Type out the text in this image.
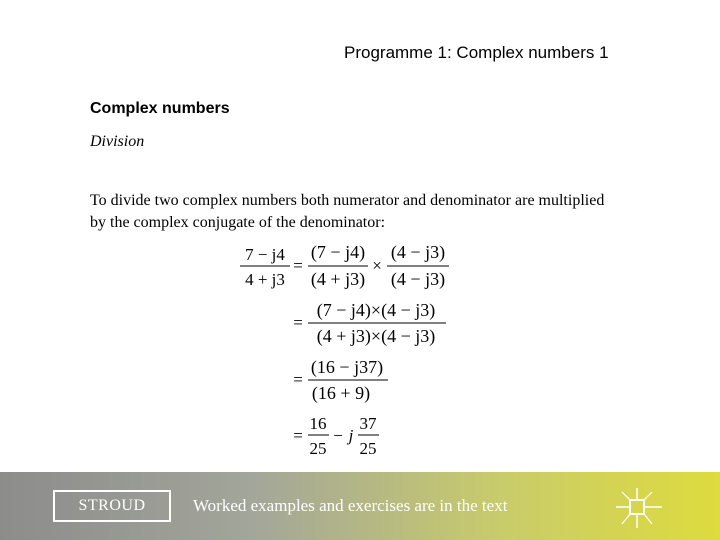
Programme 1: Complex numbers 1
Complex numbers
Division
To divide two complex numbers both numerator and denominator are multiplied by the complex conjugate of the denominator:
7 − j4
4 + j3
=
(7 − j4)
(4 + j3)
×
(4 − j3)
(4 − j3)
=
(7 − j4)×(4 − j3)
(4 + j3)×(4 − j3)
=
(16 − j37)
(16 + 9)
=
16
25
− j
37
25
STROUD	Worked examples and exercises are in the text
